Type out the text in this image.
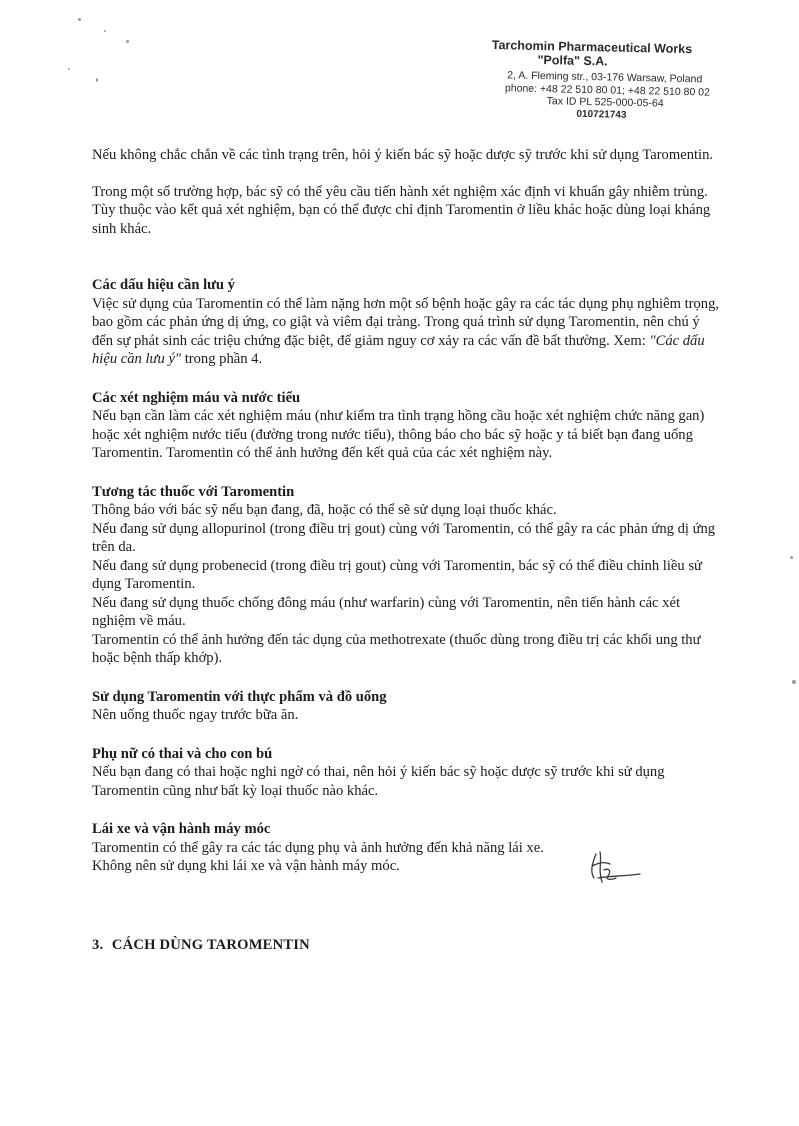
Tarchomin Pharmaceutical Works
"Polfa" S.A.
2, A. Fleming str., 03-176 Warsaw, Poland
phone: +48 22 510 80 01; +48 22 510 80 02
Tax ID PL 525-000-05-64
010721743

Nếu không chắc chắn về các tình trạng trên, hỏi ý kiến bác sỹ hoặc dược sỹ trước khi sử dụng Taromentin.

Trong một số trường hợp, bác sỹ có thể yêu cầu tiến hành xét nghiệm xác định vi khuẩn gây nhiễm trùng.

Tùy thuộc vào kết quả xét nghiệm, bạn có thể được chỉ định Taromentin ở liều khác hoặc dùng loại kháng sinh khác.

Các dấu hiệu cần lưu ý

Việc sử dụng của Taromentin có thể làm nặng hơn một số bệnh hoặc gây ra các tác dụng phụ nghiêm trọng, bao gồm các phản ứng dị ứng, co giật và viêm đại tràng. Trong quá trình sử dụng Taromentin, nên chú ý đến sự phát sinh các triệu chứng đặc biệt, để giảm nguy cơ xảy ra các vấn đề bất thường. Xem: "Các dấu hiệu cần lưu ý" trong phần 4.

Các xét nghiệm máu và nước tiểu

Nếu bạn cần làm các xét nghiệm máu (như kiểm tra tình trạng hồng cầu hoặc xét nghiệm chức năng gan) hoặc xét nghiệm nước tiểu (đường trong nước tiểu), thông báo cho bác sỹ hoặc y tá biết bạn đang uống Taromentin. Taromentin có thể ảnh hưởng đến kết quả của các xét nghiệm này.

Tương tác thuốc với Taromentin

Thông báo với bác sỹ nếu bạn đang, đã, hoặc có thể sẽ sử dụng loại thuốc khác.

Nếu đang sử dụng allopurinol (trong điều trị gout) cùng với Taromentin, có thể gây ra các phản ứng dị ứng trên da.

Nếu đang sử dụng probenecid (trong điều trị gout) cùng với Taromentin, bác sỹ có thể điều chỉnh liều sử dụng Taromentin.

Nếu đang sử dụng thuốc chống đông máu (như warfarin) cùng với Taromentin, nên tiến hành các xét nghiệm về máu.

Taromentin có thể ảnh hưởng đến tác dụng của methotrexate (thuốc dùng trong điều trị các khối ung thư hoặc bệnh thấp khớp).

Sử dụng Taromentin với thực phẩm và đồ uống

Nên uống thuốc ngay trước bữa ăn.

Phụ nữ có thai và cho con bú

Nếu bạn đang có thai hoặc nghi ngờ có thai, nên hỏi ý kiến bác sỹ hoặc dược sỹ trước khi sử dụng Taromentin cũng như bất kỳ loại thuốc nào khác.

Lái xe và vận hành máy móc

Taromentin có thể gây ra các tác dụng phụ và ảnh hưởng đến khả năng lái xe.

Không nên sử dụng khi lái xe và vận hành máy móc.

3. CÁCH DÙNG TAROMENTIN
